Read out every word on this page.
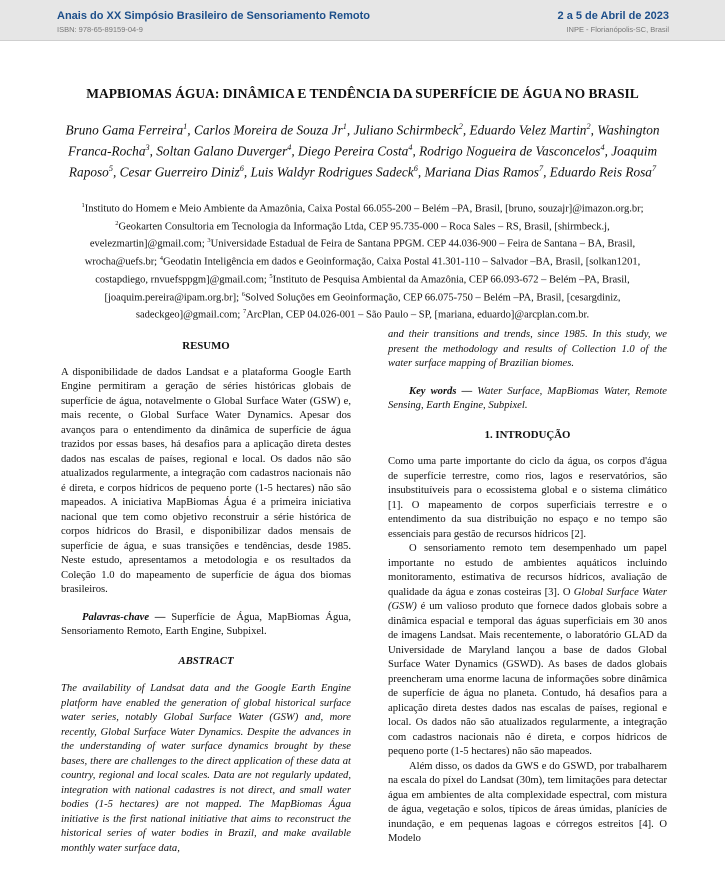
Anais do XX Simpósio Brasileiro de Sensoriamento Remoto
ISBN: 978-65-89159-04-9
2 a 5 de Abril de 2023
INPE - Florianópolis-SC, Brasil
MAPBIOMAS ÁGUA: DINÂMICA E TENDÊNCIA DA SUPERFÍCIE DE ÁGUA NO BRASIL
Bruno Gama Ferreira$^1$, Carlos Moreira de Souza Jr$^1$, Juliano Schirmbeck$^2$, Eduardo Velez Martin$^2$, Washington Franca-Rocha$^3$, Soltan Galano Duverger$^4$, Diego Pereira Costa$^4$, Rodrigo Nogueira de Vasconcelos$^4$, Joaquim Raposo$^5$, Cesar Guerreiro Diniz$^6$, Luis Waldyr Rodrigues Sadeck$^6$, Mariana Dias Ramos$^7$, Eduardo Reis Rosa$^7$
$^1$Instituto do Homem e Meio Ambiente da Amazônia, Caixa Postal 66.055-200 – Belém –PA, Brasil, [bruno, souzajr]@imazon.org.br; $^2$Geokarten Consultoria em Tecnologia da Informação Ltda, CEP 95.735-000 – Roca Sales – RS, Brasil, [shirmbeck.j, evelezmartin]@gmail.com; $^3$Universidade Estadual de Feira de Santana PPGM. CEP 44.036-900 – Feira de Santana – BA, Brasil, wrocha@uefs.br; $^4$Geodatin Inteligência em dados e Geoinformação, Caixa Postal 41.301-110 – Salvador –BA, Brasil, [solkan1201, costapdiego, rnvuefsppgm]@gmail.com; $^5$Instituto de Pesquisa Ambiental da Amazônia, CEP 66.093-672 – Belém –PA, Brasil, [joaquim.pereira@ipam.org.br]; $^6$Solved Soluções em Geoinformação, CEP 66.075-750 – Belém –PA, Brasil, [cesargdiniz, sadeckgeo]@gmail.com; $^7$ArcPlan, CEP 04.026-001 – São Paulo – SP, [mariana, eduardo]@arcplan.com.br.

RESUMO

A disponibilidade de dados Landsat e a plataforma Google Earth Engine permitiram a geração de séries históricas globais de superfície de água, notavelmente o Global Surface Water (GSW) e, mais recente, o Global Surface Water Dynamics. Apesar dos avanços para o entendimento da dinâmica de superfície de água trazidos por essas bases, há desafios para a aplicação direta destes dados nas escalas de países, regional e local. Os dados não são atualizados regularmente, a integração com cadastros nacionais não é direta, e corpos hídricos de pequeno porte (1-5 hectares) não são mapeados. A iniciativa MapBiomas Água é a primeira iniciativa nacional que tem como objetivo reconstruir a série histórica de corpos hídricos do Brasil, e disponibilizar dados mensais de superfície de água, e suas transições e tendências, desde 1985. Neste estudo, apresentamos a metodologia e os resultados da Coleção 1.0 do mapeamento de superfície de água dos biomas brasileiros.

Palavras-chave — Superfície de Água, MapBiomas Água, Sensoriamento Remoto, Earth Engine, Subpixel.

ABSTRACT

The availability of Landsat data and the Google Earth Engine platform have enabled the generation of global historical surface water series, notably Global Surface Water (GSW) and, more recently, Global Surface Water Dynamics. Despite the advances in the understanding of water surface dynamics brought by these bases, there are challenges to the direct application of these data at country, regional and local scales. Data are not regularly updated, integration with national cadastres is not direct, and small water bodies (1-5 hectares) are not mapped. The MapBiomas Água initiative is the first national initiative that aims to reconstruct the historical series of water bodies in Brazil, and make available monthly water surface data,

and their transitions and trends, since 1985. In this study, we present the methodology and results of Collection 1.0 of the water surface mapping of Brazilian biomes.

Key words — Water Surface, MapBiomas Water, Remote Sensing, Earth Engine, Subpixel.

1. INTRODUÇÃO

Como uma parte importante do ciclo da água, os corpos d'água de superfície terrestre, como rios, lagos e reservatórios, são insubstituíveis para o ecossistema global e o sistema climático [1]. O mapeamento de corpos superficiais terrestre e o entendimento da sua distribuição no espaço e no tempo são essenciais para gestão de recursos hídricos [2].

O sensoriamento remoto tem desempenhado um papel importante no estudo de ambientes aquáticos incluindo monitoramento, estimativa de recursos hídricos, avaliação de qualidade da água e zonas costeiras [3]. O Global Surface Water (GSW) é um valioso produto que fornece dados globais sobre a dinâmica espacial e temporal das águas superficiais em 30 anos de imagens Landsat. Mais recentemente, o laboratório GLAD da Universidade de Maryland lançou a base de dados Global Surface Water Dynamics (GSWD). As bases de dados globais preencheram uma enorme lacuna de informações sobre dinâmica de superfície de água no planeta. Contudo, há desafios para a aplicação direta destes dados nas escalas de países, regional e local. Os dados não são atualizados regularmente, a integração com cadastros nacionais não é direta, e corpos hídricos de pequeno porte (1-5 hectares) não são mapeados.

Além disso, os dados da GWS e do GSWD, por trabalharem na escala do píxel do Landsat (30m), tem limitações para detectar água em ambientes de alta complexidade espectral, com mistura de água, vegetação e solos, típicos de áreas úmidas, planícies de inundação, e em pequenas lagoas e córregos estreitos [4]. O Modelo
